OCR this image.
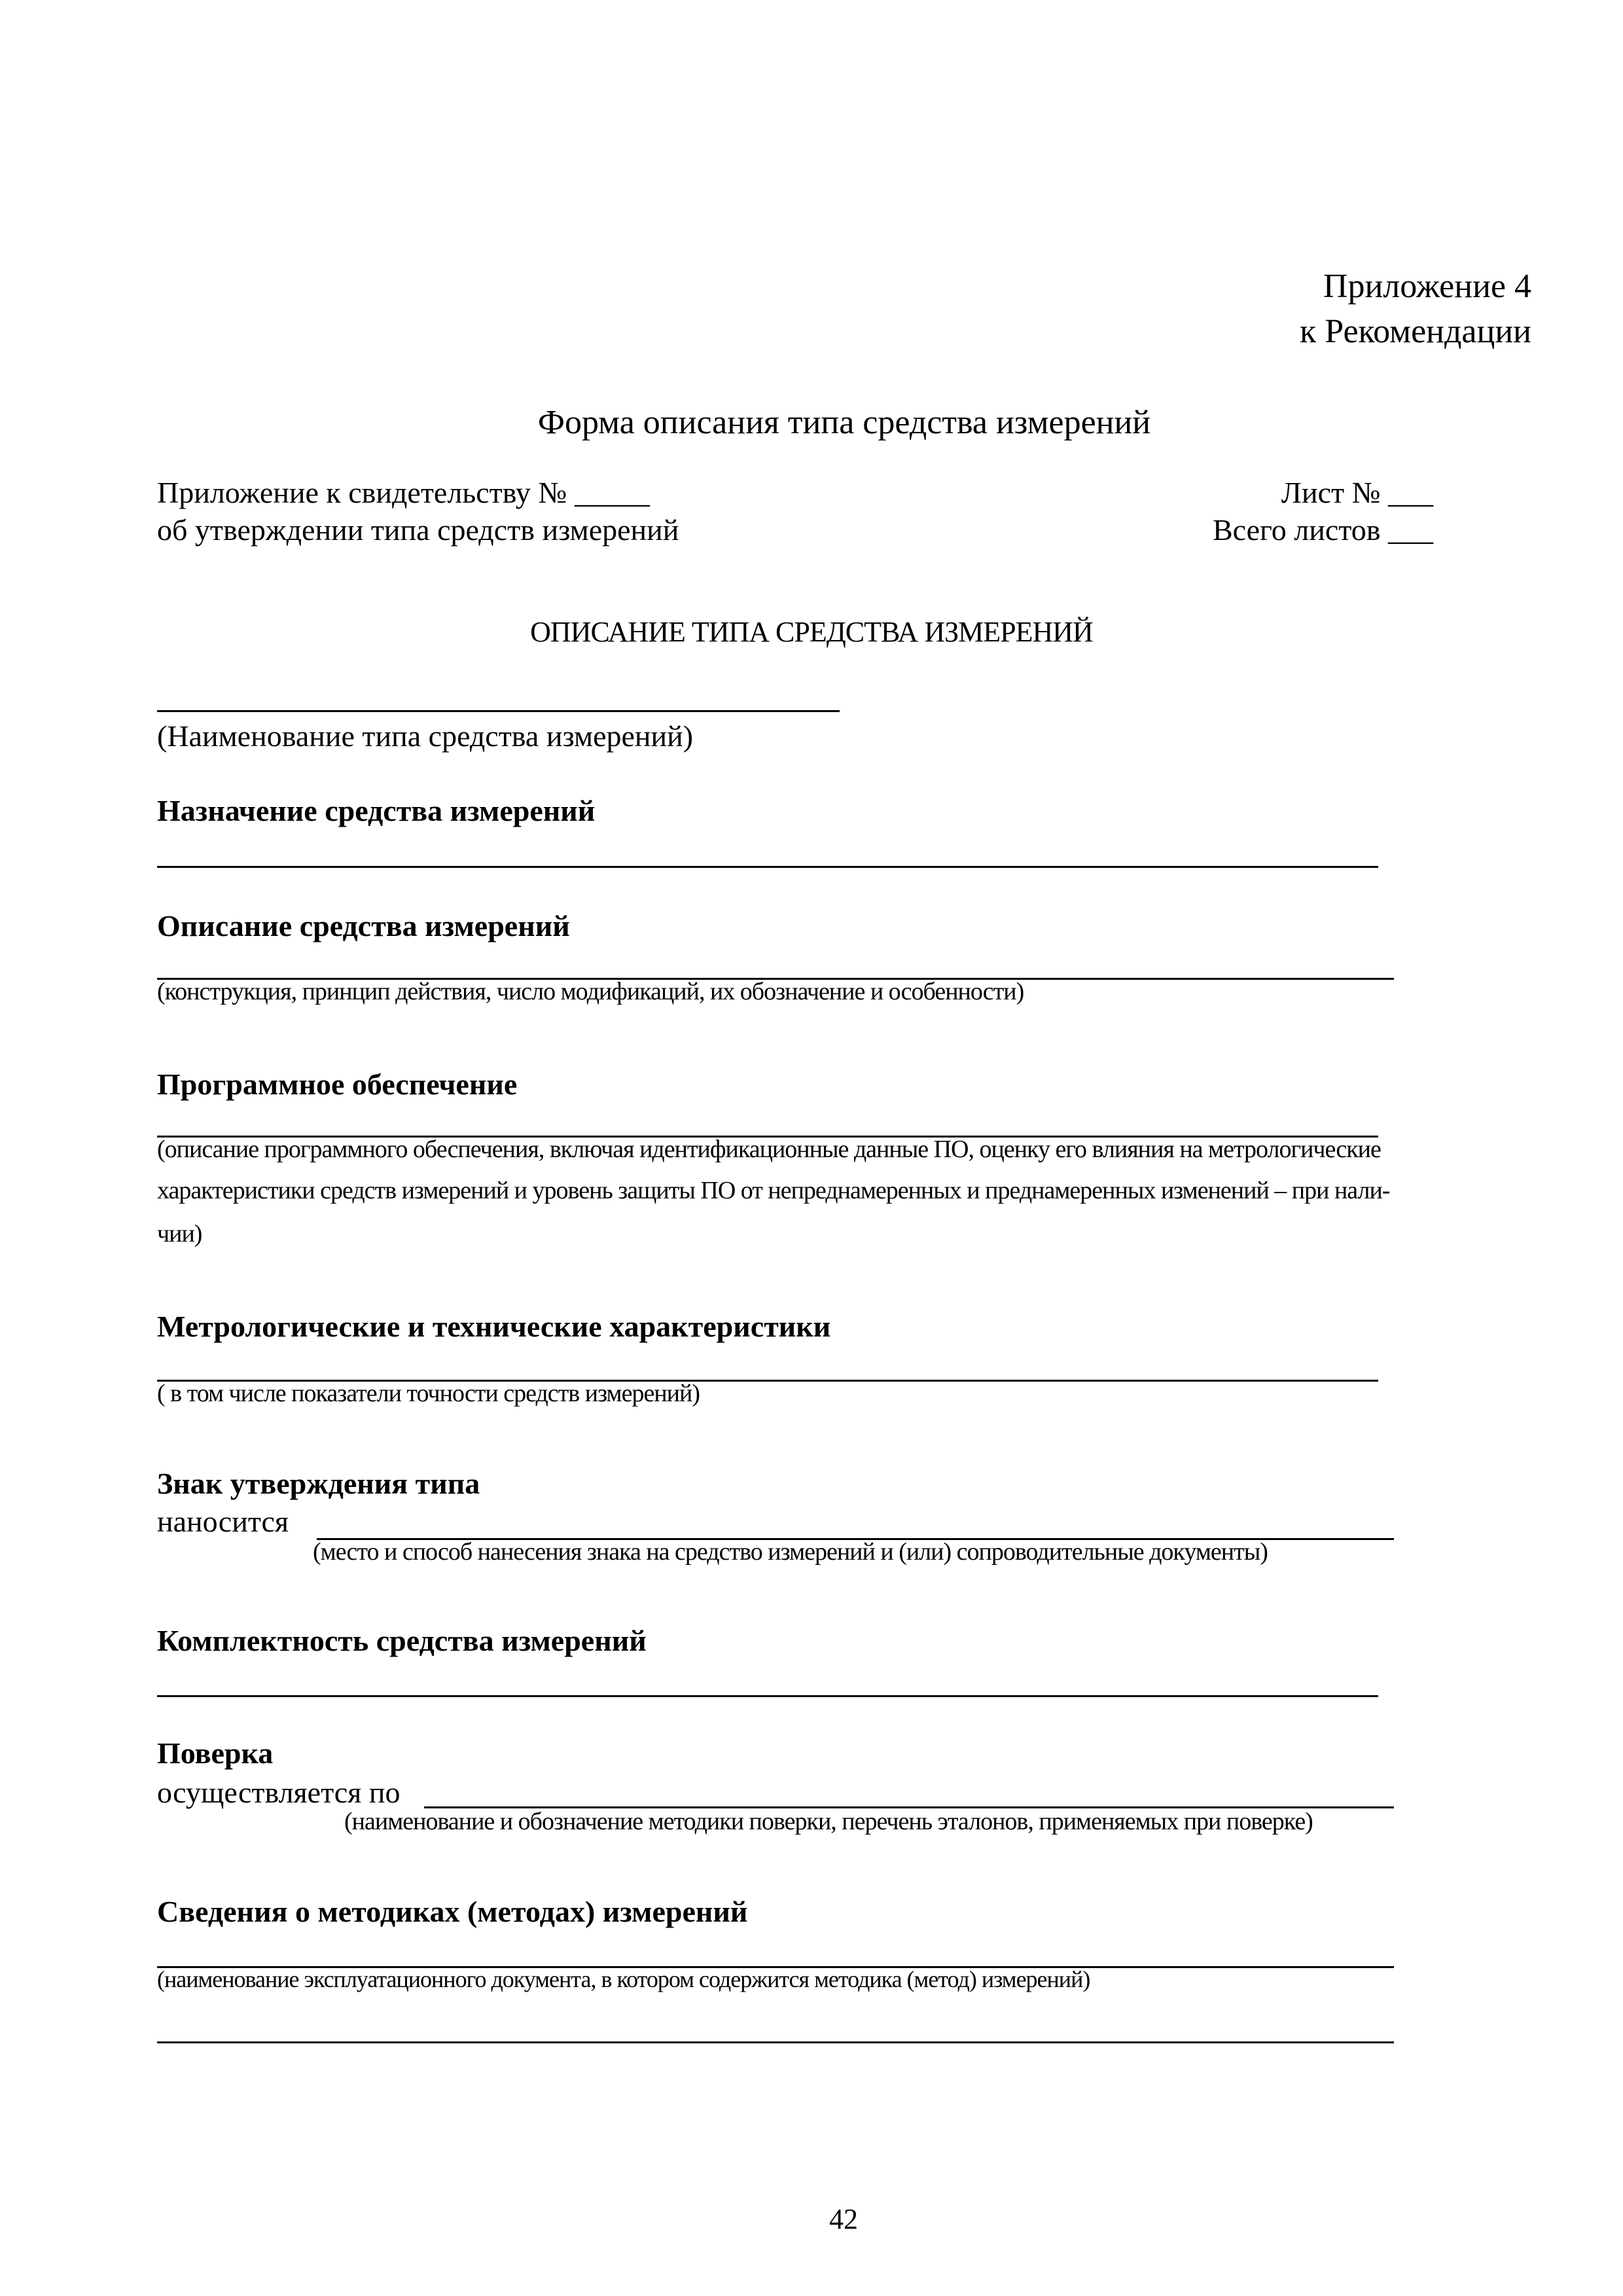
Приложение 4
к Рекомендации
Форма описания типа средства измерений
Приложение к свидетельству № _____
об утверждении типа средств измерений
Лист № ___
Всего листов ___
ОПИСАНИЕ ТИПА СРЕДСТВА ИЗМЕРЕНИЙ
(Наименование типа средства измерений)
Назначение средства измерений
Описание средства измерений
(конструкция, принцип действия, число модификаций, их обозначение и особенности)
Программное обеспечение
(описание программного обеспечения, включая идентификационные данные ПО, оценку его влияния на метрологические
характеристики средств измерений и уровень защиты ПО от непреднамеренных и преднамеренных изменений – при нали-
чии)
Метрологические и технические характеристики
( в том числе показатели точности средств измерений)
Знак утверждения типа
наносится
(место и способ нанесения знака на средство измерений и (или) сопроводительные документы)
Комплектность средства измерений
Поверка
осуществляется по
(наименование и обозначение методики поверки, перечень эталонов, применяемых при поверке)
Сведения о методиках (методах) измерений
(наименование эксплуатационного документа, в котором содержится методика (метод) измерений)
42
